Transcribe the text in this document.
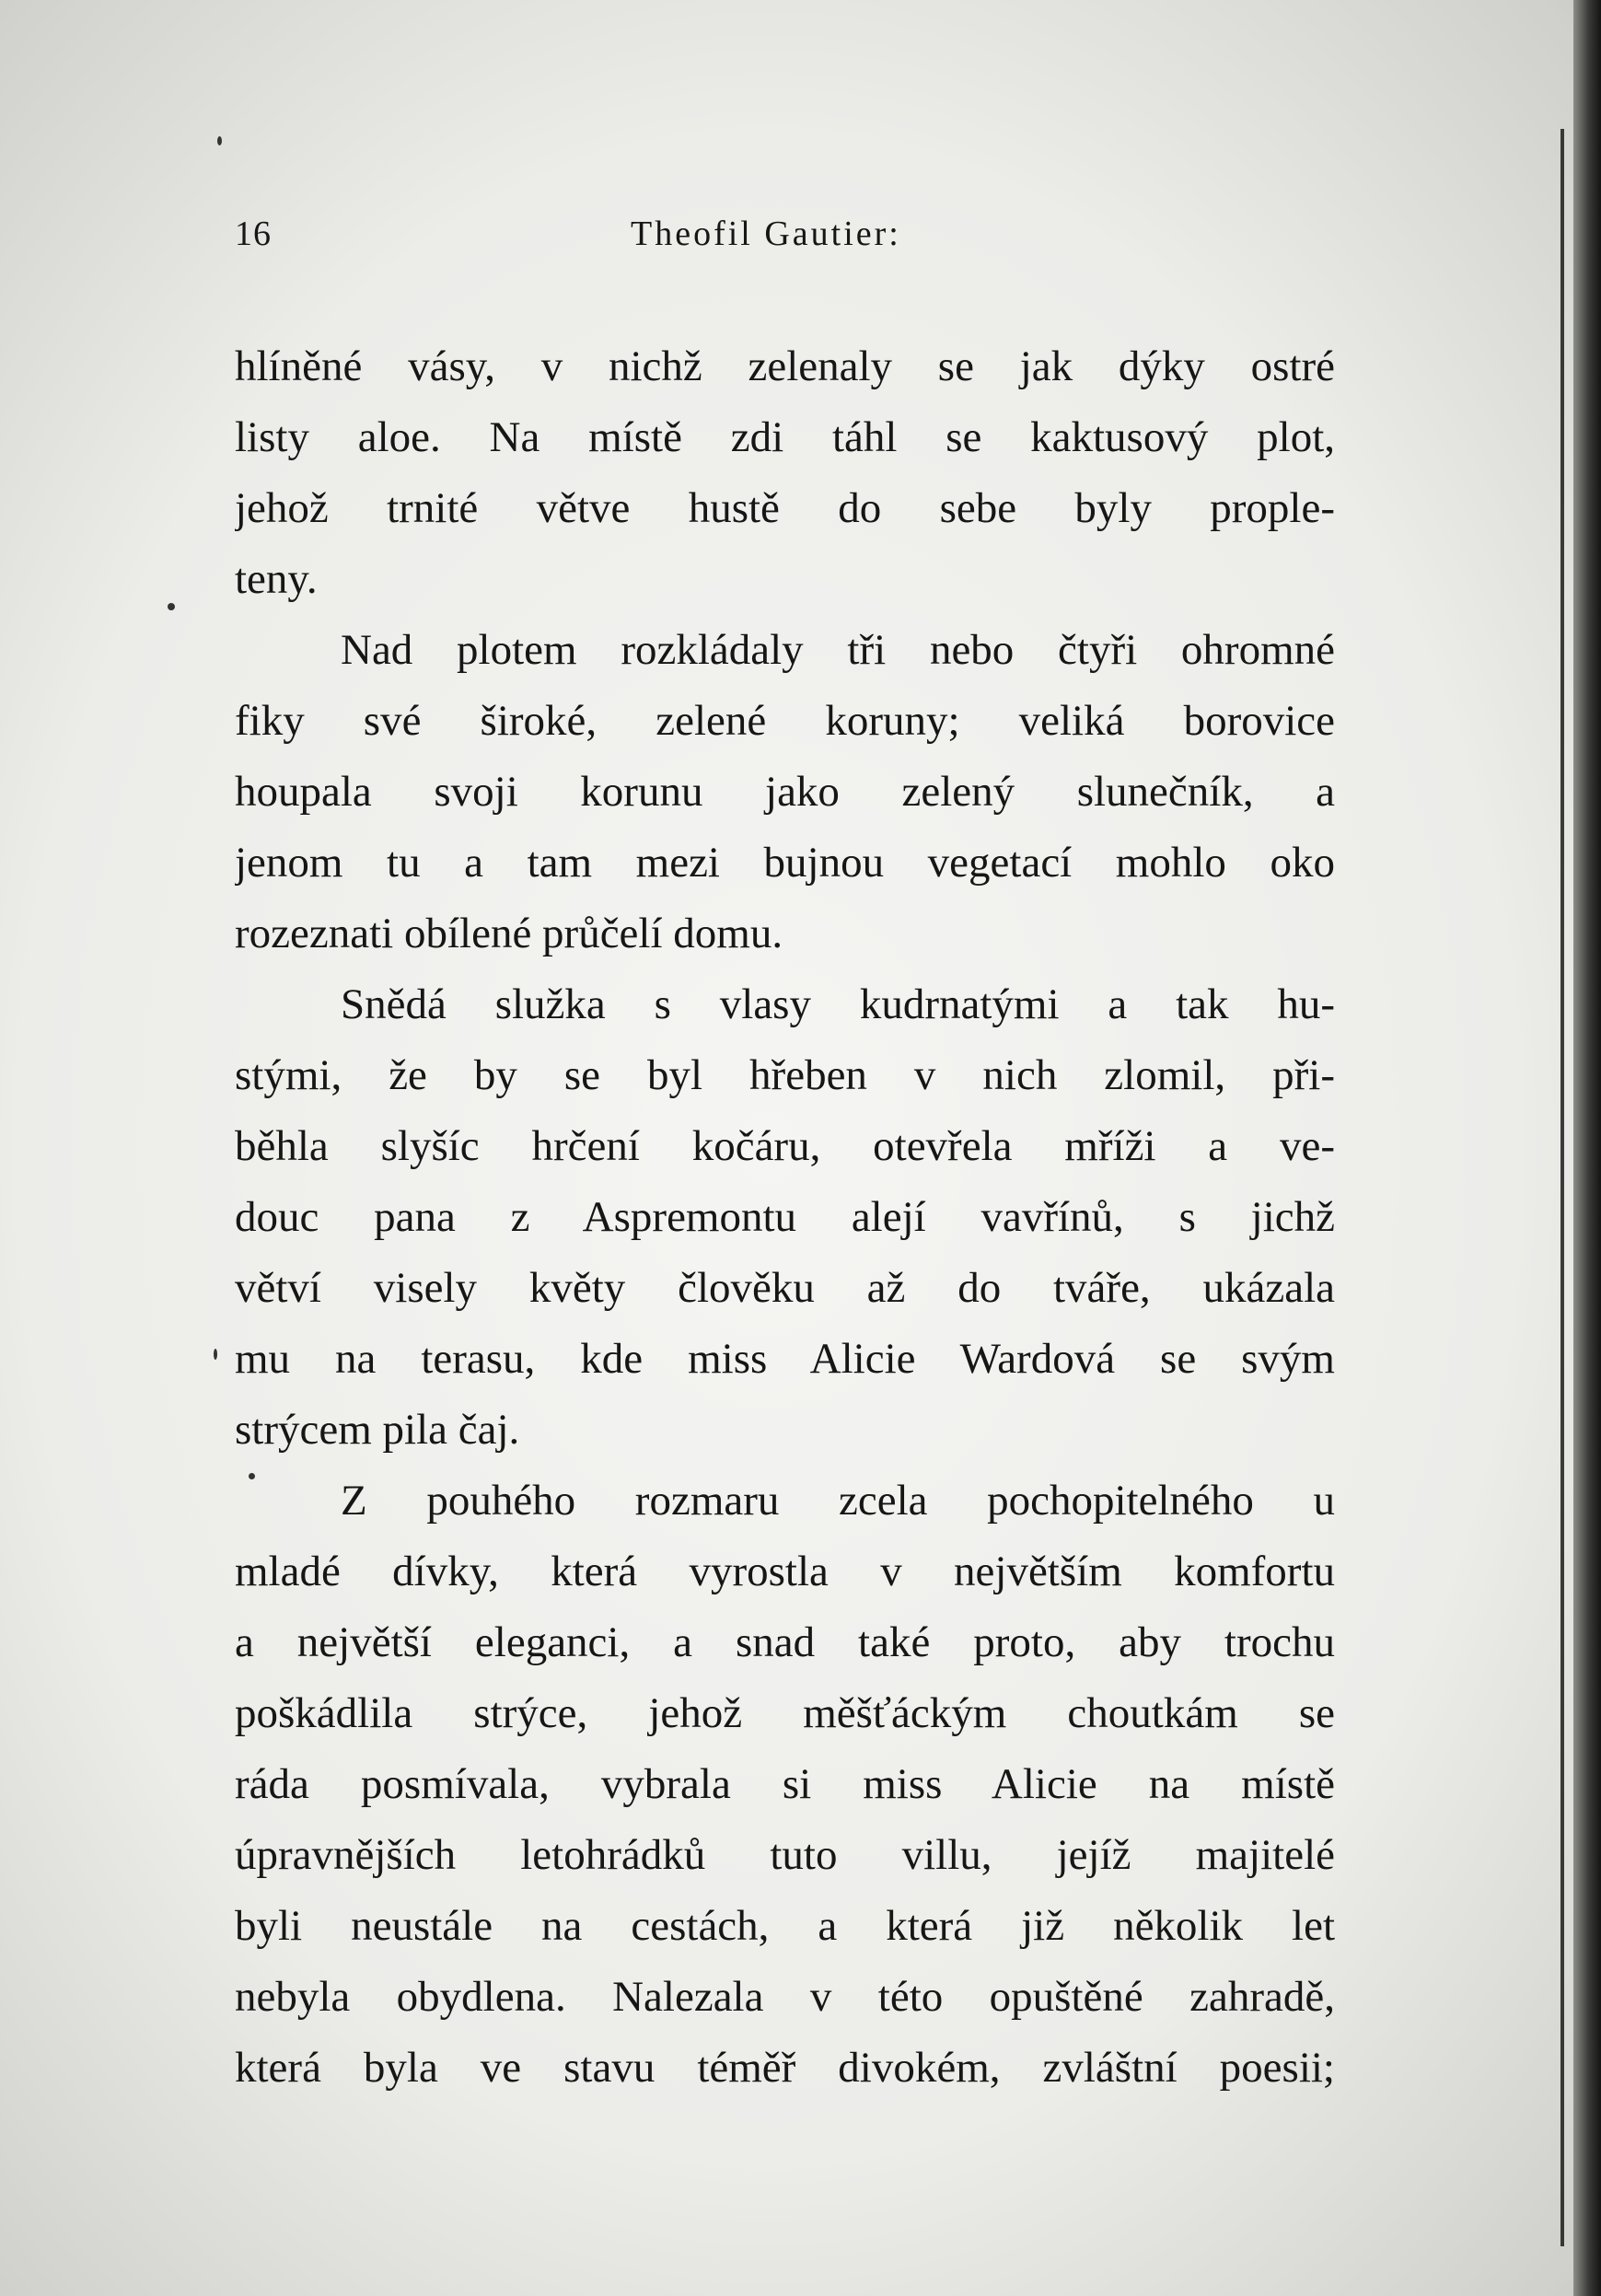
16	Theofil Gautier:
hlíněné vásy, v nichž zelenaly se jak dýky ostré
listy aloe. Na místě zdi táhl se kaktusový plot,
jehož trnité větve hustě do sebe byly prople-
teny.
Nad plotem rozkládaly tři nebo čtyři ohromné
fiky své široké, zelené koruny; veliká borovice
houpala svoji korunu jako zelený slunečník, a
jenom tu a tam mezi bujnou vegetací mohlo oko
rozeznati obílené průčelí domu.
Snědá služka s vlasy kudrnatými a tak hu-
stými, že by se byl hřeben v nich zlomil, při-
běhla slyšíc hrčení kočáru, otevřela mříži a ve-
douc pana z Aspremontu alejí vavřínů, s jichž
větví visely květy člověku až do tváře, ukázala
mu na terasu, kde miss Alicie Wardová se svým
strýcem pila čaj.
Z pouhého rozmaru zcela pochopitelného u
mladé dívky, která vyrostla v největším komfortu
a největší eleganci, a snad také proto, aby trochu
poškádlila strýce, jehož měšťáckým choutkám se
ráda posmívala, vybrala si miss Alicie na místě
úpravnějších letohrádků tuto villu, jejíž majitelé
byli neustále na cestách, a která již několik let
nebyla obydlena. Nalezala v této opuštěné zahradě,
která byla ve stavu téměř divokém, zvláštní poesii;
